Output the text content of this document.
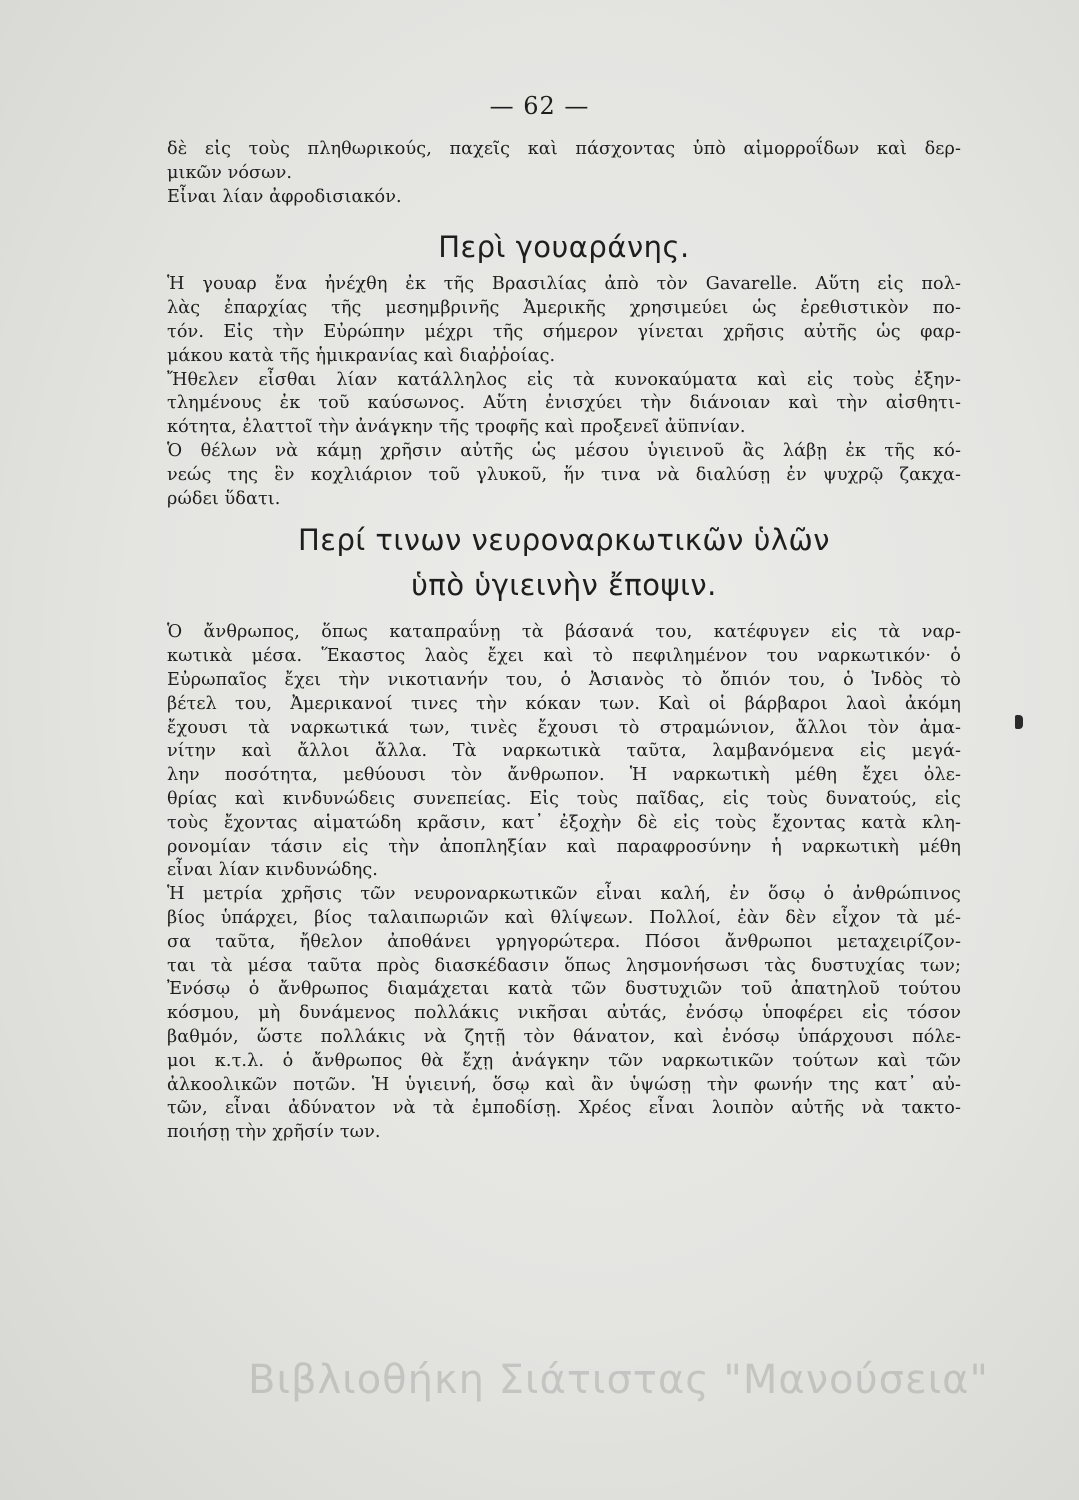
— 62 —
δὲ εἰς τοὺς πληθωρικούς, παχεῖς καὶ πάσχοντας ὑπὸ αἱμορροΐδων καὶ δερ-
μικῶν νόσων.
Εἶναι λίαν ἀφροδισιακόν.
Περὶ γουαράνης.
Ἡ γουαρ ἔνα ἠνέχθη ἐκ τῆς Βρασιλίας ἀπὸ τὸν Gavarelle. Αὕτη εἰς πολ-
λὰς ἐπαρχίας τῆς μεσημβρινῆς Ἀμερικῆς χρησιμεύει ὡς ἐρεθιστικὸν πο-
τόν. Εἰς τὴν Εὐρώπην μέχρι τῆς σήμερον γίνεται χρῆσις αὐτῆς ὡς φαρ-
μάκου κατὰ τῆς ἡμικρανίας καὶ διαῤῥοίας.
Ἤθελεν εἶσθαι λίαν κατάλληλος εἰς τὰ κυνοκαύματα καὶ εἰς τοὺς ἐξην-
τλημένους ἐκ τοῦ καύσωνος. Αὕτη ἐνισχύει τὴν διάνοιαν καὶ τὴν αἰσθητι-
κότητα, ἐλαττοῖ τὴν ἀνάγκην τῆς τροφῆς καὶ προξενεῖ ἀϋπνίαν.
Ὁ θέλων νὰ κάμῃ χρῆσιν αὐτῆς ὡς μέσου ὑγιεινοῦ ἂς λάβῃ ἐκ τῆς κό-
νεώς της ἓν κοχλιάριον τοῦ γλυκοῦ, ἥν τινα νὰ διαλύσῃ ἐν ψυχρῷ ζακχα-
ρώδει ὕδατι.
Περί τινων νευροναρκωτικῶν ὑλῶν
ὑπὸ ὑγιεινὴν ἔποψιν.
Ὁ ἄνθρωπος, ὅπως καταπραΰνῃ τὰ βάσανά του, κατέφυγεν εἰς τὰ ναρ-
κωτικὰ μέσα. Ἕκαστος λαὸς ἔχει καὶ τὸ πεφιλημένον του ναρκωτικόν· ὁ
Εὐρωπαῖος ἔχει τὴν νικοτιανήν του, ὁ Ἀσιανὸς τὸ ὄπιόν του, ὁ Ἰνδὸς τὸ
βέτελ του, Ἀμερικανοί τινες τὴν κόκαν των. Καὶ οἱ βάρβαροι λαοὶ ἀκόμη
ἔχουσι τὰ ναρκωτικά των, τινὲς ἔχουσι τὸ στραμώνιον, ἄλλοι τὸν ἀμα-
νίτην καὶ ἄλλοι ἄλλα. Τὰ ναρκωτικὰ ταῦτα, λαμβανόμενα εἰς μεγά-
λην ποσότητα, μεθύουσι τὸν ἄνθρωπον. Ἡ ναρκωτικὴ μέθη ἔχει ὀλε-
θρίας καὶ κινδυνώδεις συνεπείας. Εἰς τοὺς παῖδας, εἰς τοὺς δυνατούς, εἰς
τοὺς ἔχοντας αἱματώδη κρᾶσιν, κατ᾽ ἐξοχὴν δὲ εἰς τοὺς ἔχοντας κατὰ κλη-
ρονομίαν τάσιν εἰς τὴν ἀποπληξίαν καὶ παραφροσύνην ἡ ναρκωτικὴ μέθη
εἶναι λίαν κινδυνώδης.
Ἡ μετρία χρῆσις τῶν νευροναρκωτικῶν εἶναι καλή, ἐν ὅσῳ ὁ ἀνθρώπινος
βίος ὑπάρχει, βίος ταλαιπωριῶν καὶ θλίψεων. Πολλοί, ἐὰν δὲν εἶχον τὰ μέ-
σα ταῦτα, ἤθελον ἀποθάνει γρηγορώτερα. Πόσοι ἄνθρωποι μεταχειρίζον-
ται τὰ μέσα ταῦτα πρὸς διασκέδασιν ὅπως λησμονήσωσι τὰς δυστυχίας των;
Ἐνόσῳ ὁ ἄνθρωπος διαμάχεται κατὰ τῶν δυστυχιῶν τοῦ ἀπατηλοῦ τούτου
κόσμου, μὴ δυνάμενος πολλάκις νικῆσαι αὐτάς, ἐνόσῳ ὑποφέρει εἰς τόσον
βαθμόν, ὥστε πολλάκις νὰ ζητῇ τὸν θάνατον, καὶ ἐνόσῳ ὑπάρχουσι πόλε-
μοι κ.τ.λ. ὁ ἄνθρωπος θὰ ἔχῃ ἀνάγκην τῶν ναρκωτικῶν τούτων καὶ τῶν
ἀλκοολικῶν ποτῶν. Ἡ ὑγιεινή, ὅσῳ καὶ ἂν ὑψώσῃ τὴν φωνήν της κατ᾽ αὐ-
τῶν, εἶναι ἀδύνατον νὰ τὰ ἐμποδίσῃ. Χρέος εἶναι λοιπὸν αὐτῆς νὰ τακτο-
ποιήσῃ τὴν χρῆσίν των.
Βιβλιοθήκη Σιάτιστας "Μανούσεια"
